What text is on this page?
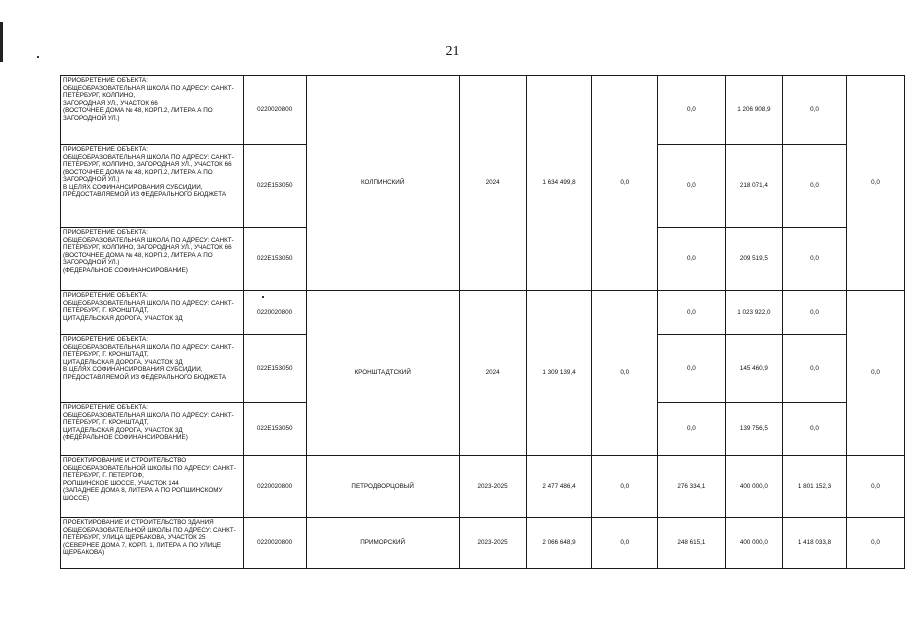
21
ПРИОБРЕТЕНИЕ ОБЪЕКТА:
ОБЩЕОБРАЗОВАТЕЛЬНАЯ ШКОЛА ПО АДРЕСУ: САНКТ-ПЕТЕРБУРГ, КОЛПИНО,
ЗАГОРОДНАЯ УЛ., УЧАСТОК 66
(ВОСТОЧНЕЕ ДОМА № 48, КОРП.2, ЛИТЕРА А ПО ЗАГОРОДНОЙ УЛ.)	0220020800	КОЛПИНСКИЙ	2024	1 634 499,8	0,0	0,0	1 206 908,9	0,0	0,0
ПРИОБРЕТЕНИЕ ОБЪЕКТА:
ОБЩЕОБРАЗОВАТЕЛЬНАЯ ШКОЛА ПО АДРЕСУ: САНКТ-ПЕТЕРБУРГ, КОЛПИНО, ЗАГОРОДНАЯ УЛ., УЧАСТОК 66 (ВОСТОЧНЕЕ ДОМА № 48, КОРП.2, ЛИТЕРА А ПО ЗАГОРОДНОЙ УЛ.)
В ЦЕЛЯХ СОФИНАНСИРОВАНИЯ СУБСИДИИ, ПРЕДОСТАВЛЯЕМОЙ ИЗ ФЕДЕРАЛЬНОГО БЮДЖЕТА	022E153050					0,0	218 071,4	0,0	
ПРИОБРЕТЕНИЕ ОБЪЕКТА:
ОБЩЕОБРАЗОВАТЕЛЬНАЯ ШКОЛА ПО АДРЕСУ: САНКТ-ПЕТЕРБУРГ, КОЛПИНО, ЗАГОРОДНАЯ УЛ., УЧАСТОК 66 (ВОСТОЧНЕЕ ДОМА № 48, КОРП.2, ЛИТЕРА А ПО ЗАГОРОДНОЙ УЛ.)
(ФЕДЕРАЛЬНОЕ СОФИНАНСИРОВАНИЕ)	022E153050					0,0	209 519,5	0,0	
ПРИОБРЕТЕНИЕ ОБЪЕКТА:
ОБЩЕОБРАЗОВАТЕЛЬНАЯ ШКОЛА ПО АДРЕСУ: САНКТ-ПЕТЕРБУРГ, Г. КРОНШТАДТ,
ЦИТАДЕЛЬСКАЯ ДОРОГА, УЧАСТОК 3Д	0220020800	КРОНШТАДТСКИЙ	2024	1 309 139,4	0,0	0,0	1 023 922,0	0,0	0,0
ПРИОБРЕТЕНИЕ ОБЪЕКТА:
ОБЩЕОБРАЗОВАТЕЛЬНАЯ ШКОЛА ПО АДРЕСУ: САНКТ-ПЕТЕРБУРГ, Г. КРОНШТАДТ,
ЦИТАДЕЛЬСКАЯ ДОРОГА, УЧАСТОК 3Д
В ЦЕЛЯХ СОФИНАНСИРОВАНИЯ СУБСИДИИ, ПРЕДОСТАВЛЯЕМОЙ ИЗ ФЕДЕРАЛЬНОГО БЮДЖЕТА	022E153050					0,0	145 460,9	0,0	
ПРИОБРЕТЕНИЕ ОБЪЕКТА:
ОБЩЕОБРАЗОВАТЕЛЬНАЯ ШКОЛА ПО АДРЕСУ: САНКТ-ПЕТЕРБУРГ, Г. КРОНШТАДТ,
ЦИТАДЕЛЬСКАЯ ДОРОГА, УЧАСТОК 3Д
(ФЕДЕРАЛЬНОЕ СОФИНАНСИРОВАНИЕ)	022E153050					0,0	139 756,5	0,0	
ПРОЕКТИРОВАНИЕ И СТРОИТЕЛЬСТВО ОБЩЕОБРАЗОВАТЕЛЬНОЙ ШКОЛЫ ПО АДРЕСУ: САНКТ-ПЕТЕРБУРГ, Г. ПЕТЕРГОФ,
РОПШИНСКОЕ ШОССЕ, УЧАСТОК 144
(ЗАПАДНЕЕ ДОМА 8, ЛИТЕРА А ПО РОПШИНСКОМУ ШОССЕ)	0220020800	ПЕТРОДВОРЦОВЫЙ	2023-2025	2 477 486,4	0,0	276 334,1	400 000,0	1 801 152,3	0,0
ПРОЕКТИРОВАНИЕ И СТРОИТЕЛЬСТВО ЗДАНИЯ ОБЩЕОБРАЗОВАТЕЛЬНОЙ ШКОЛЫ ПО АДРЕСУ: САНКТ-ПЕТЕРБУРГ, УЛИЦА ЩЕРБАКОВА, УЧАСТОК 25 (СЕВЕРНЕЕ ДОМА 7, КОРП. 1, ЛИТЕРА А ПО УЛИЦЕ ЩЕРБАКОВА)	0220020800	ПРИМОРСКИЙ	2023-2025	2 066 648,9	0,0	248 615,1	400 000,0	1 418 033,8	0,0
